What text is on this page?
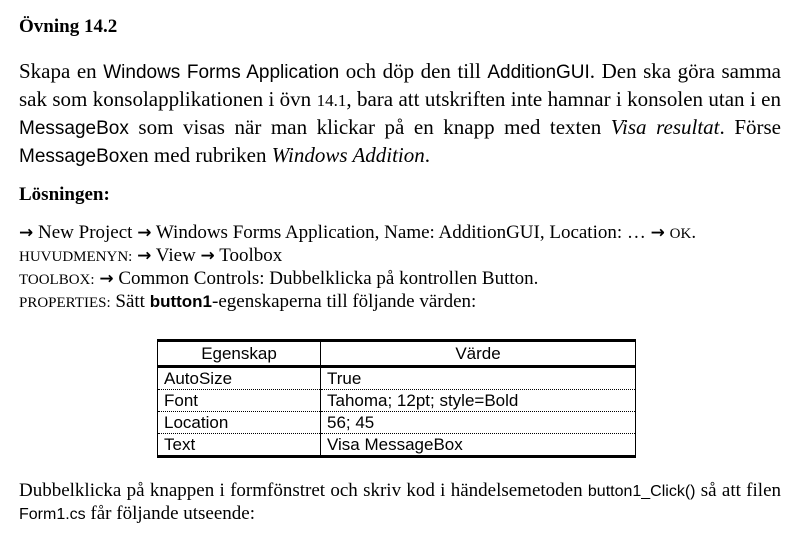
Övning 14.2
Skapa en Windows Forms Application och döp den till AdditionGUI. Den ska göra samma sak som konsolapplikationen i övn 14.1, bara att utskriften inte hamnar i konsolen utan i en MessageBox som visas när man klickar på en knapp med texten Visa resultat. Förse MessageBoxen med rubriken Windows Addition.
Lösningen:
→ New Project → Windows Forms Application, Name: AdditionGUI, Location: … → OK.
HUVUDMENYN: → View → Toolbox
TOOLBOX: → Common Controls: Dubbelklicka på kontrollen Button.
PROPERTIES: Sätt button1-egenskaperna till följande värden:
Egenskap	Värde
AutoSize	True
Font	Tahoma; 12pt; style=Bold
Location	56; 45
Text	Visa MessageBox
Dubbelklicka på knappen i formfönstret och skriv kod i händelsemetoden button1_Click() så att filen Form1.cs får följande utseende:
